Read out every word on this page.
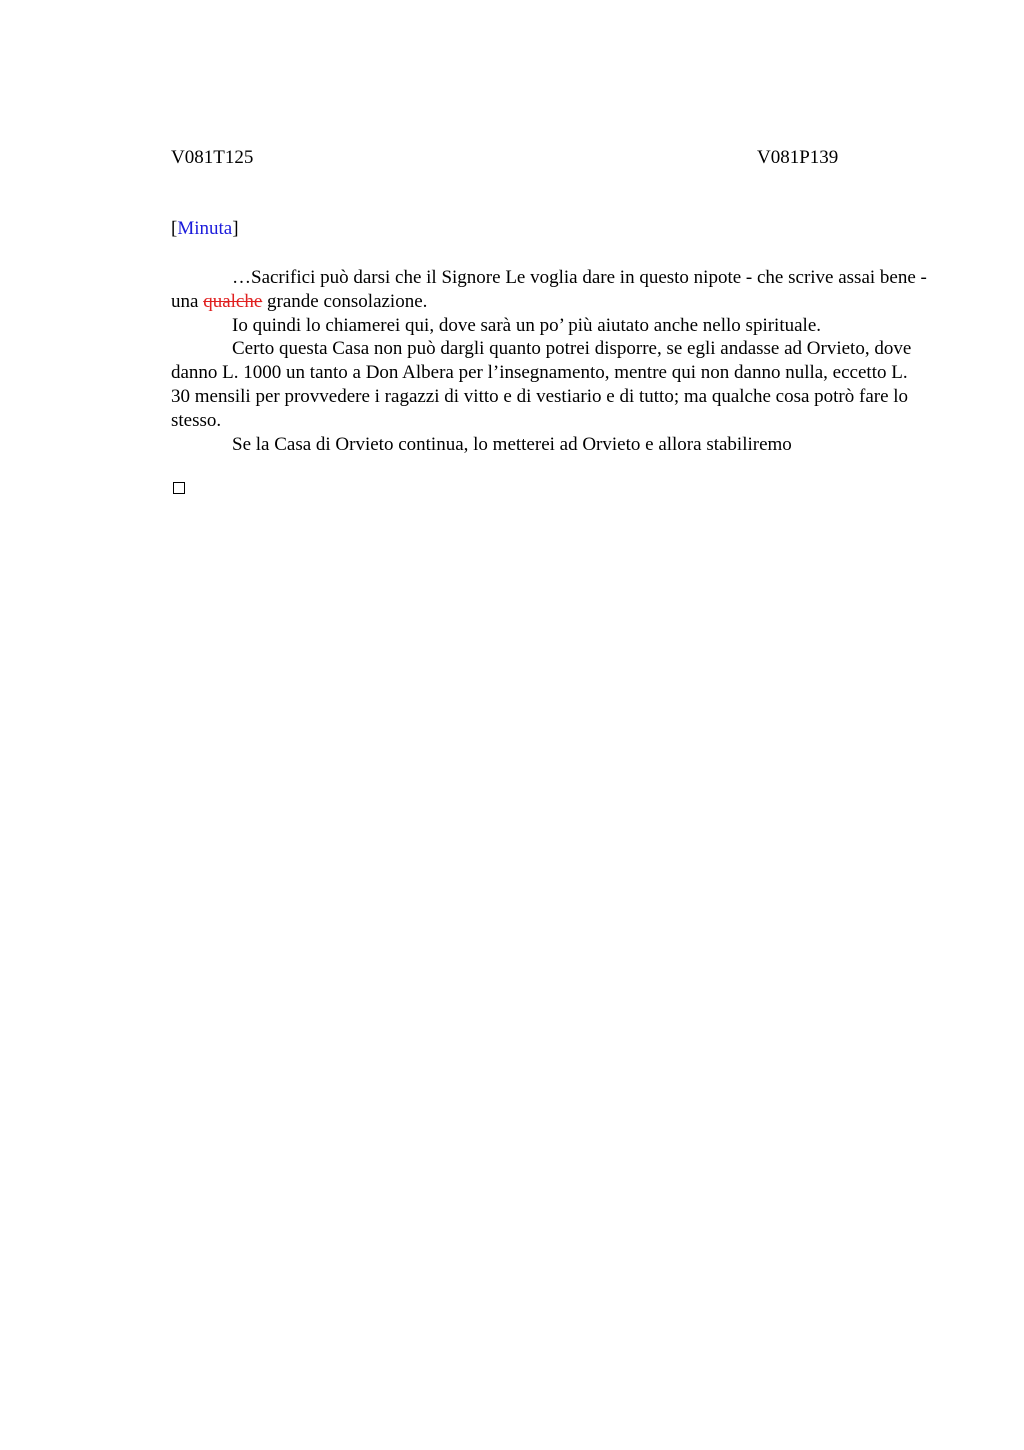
V081T125	V081P139
[Minuta]

…Sacrifici può darsi che il Signore Le voglia dare in questo nipote - che scrive assai bene - una qualche grande consolazione.

Io quindi lo chiamerei qui, dove sarà un po’ più aiutato anche nello spirituale.

Certo questa Casa non può dargli quanto potrei disporre, se egli andasse ad Orvieto, dove danno L. 1000 un tanto a Don Albera per l’insegnamento, mentre qui non danno nulla, eccetto L. 30 mensili per provvedere i ragazzi di vitto e di vestiario e di tutto; ma qualche cosa potrò fare lo stesso.

Se la Casa di Orvieto continua, lo metterei ad Orvieto e allora stabiliremo
